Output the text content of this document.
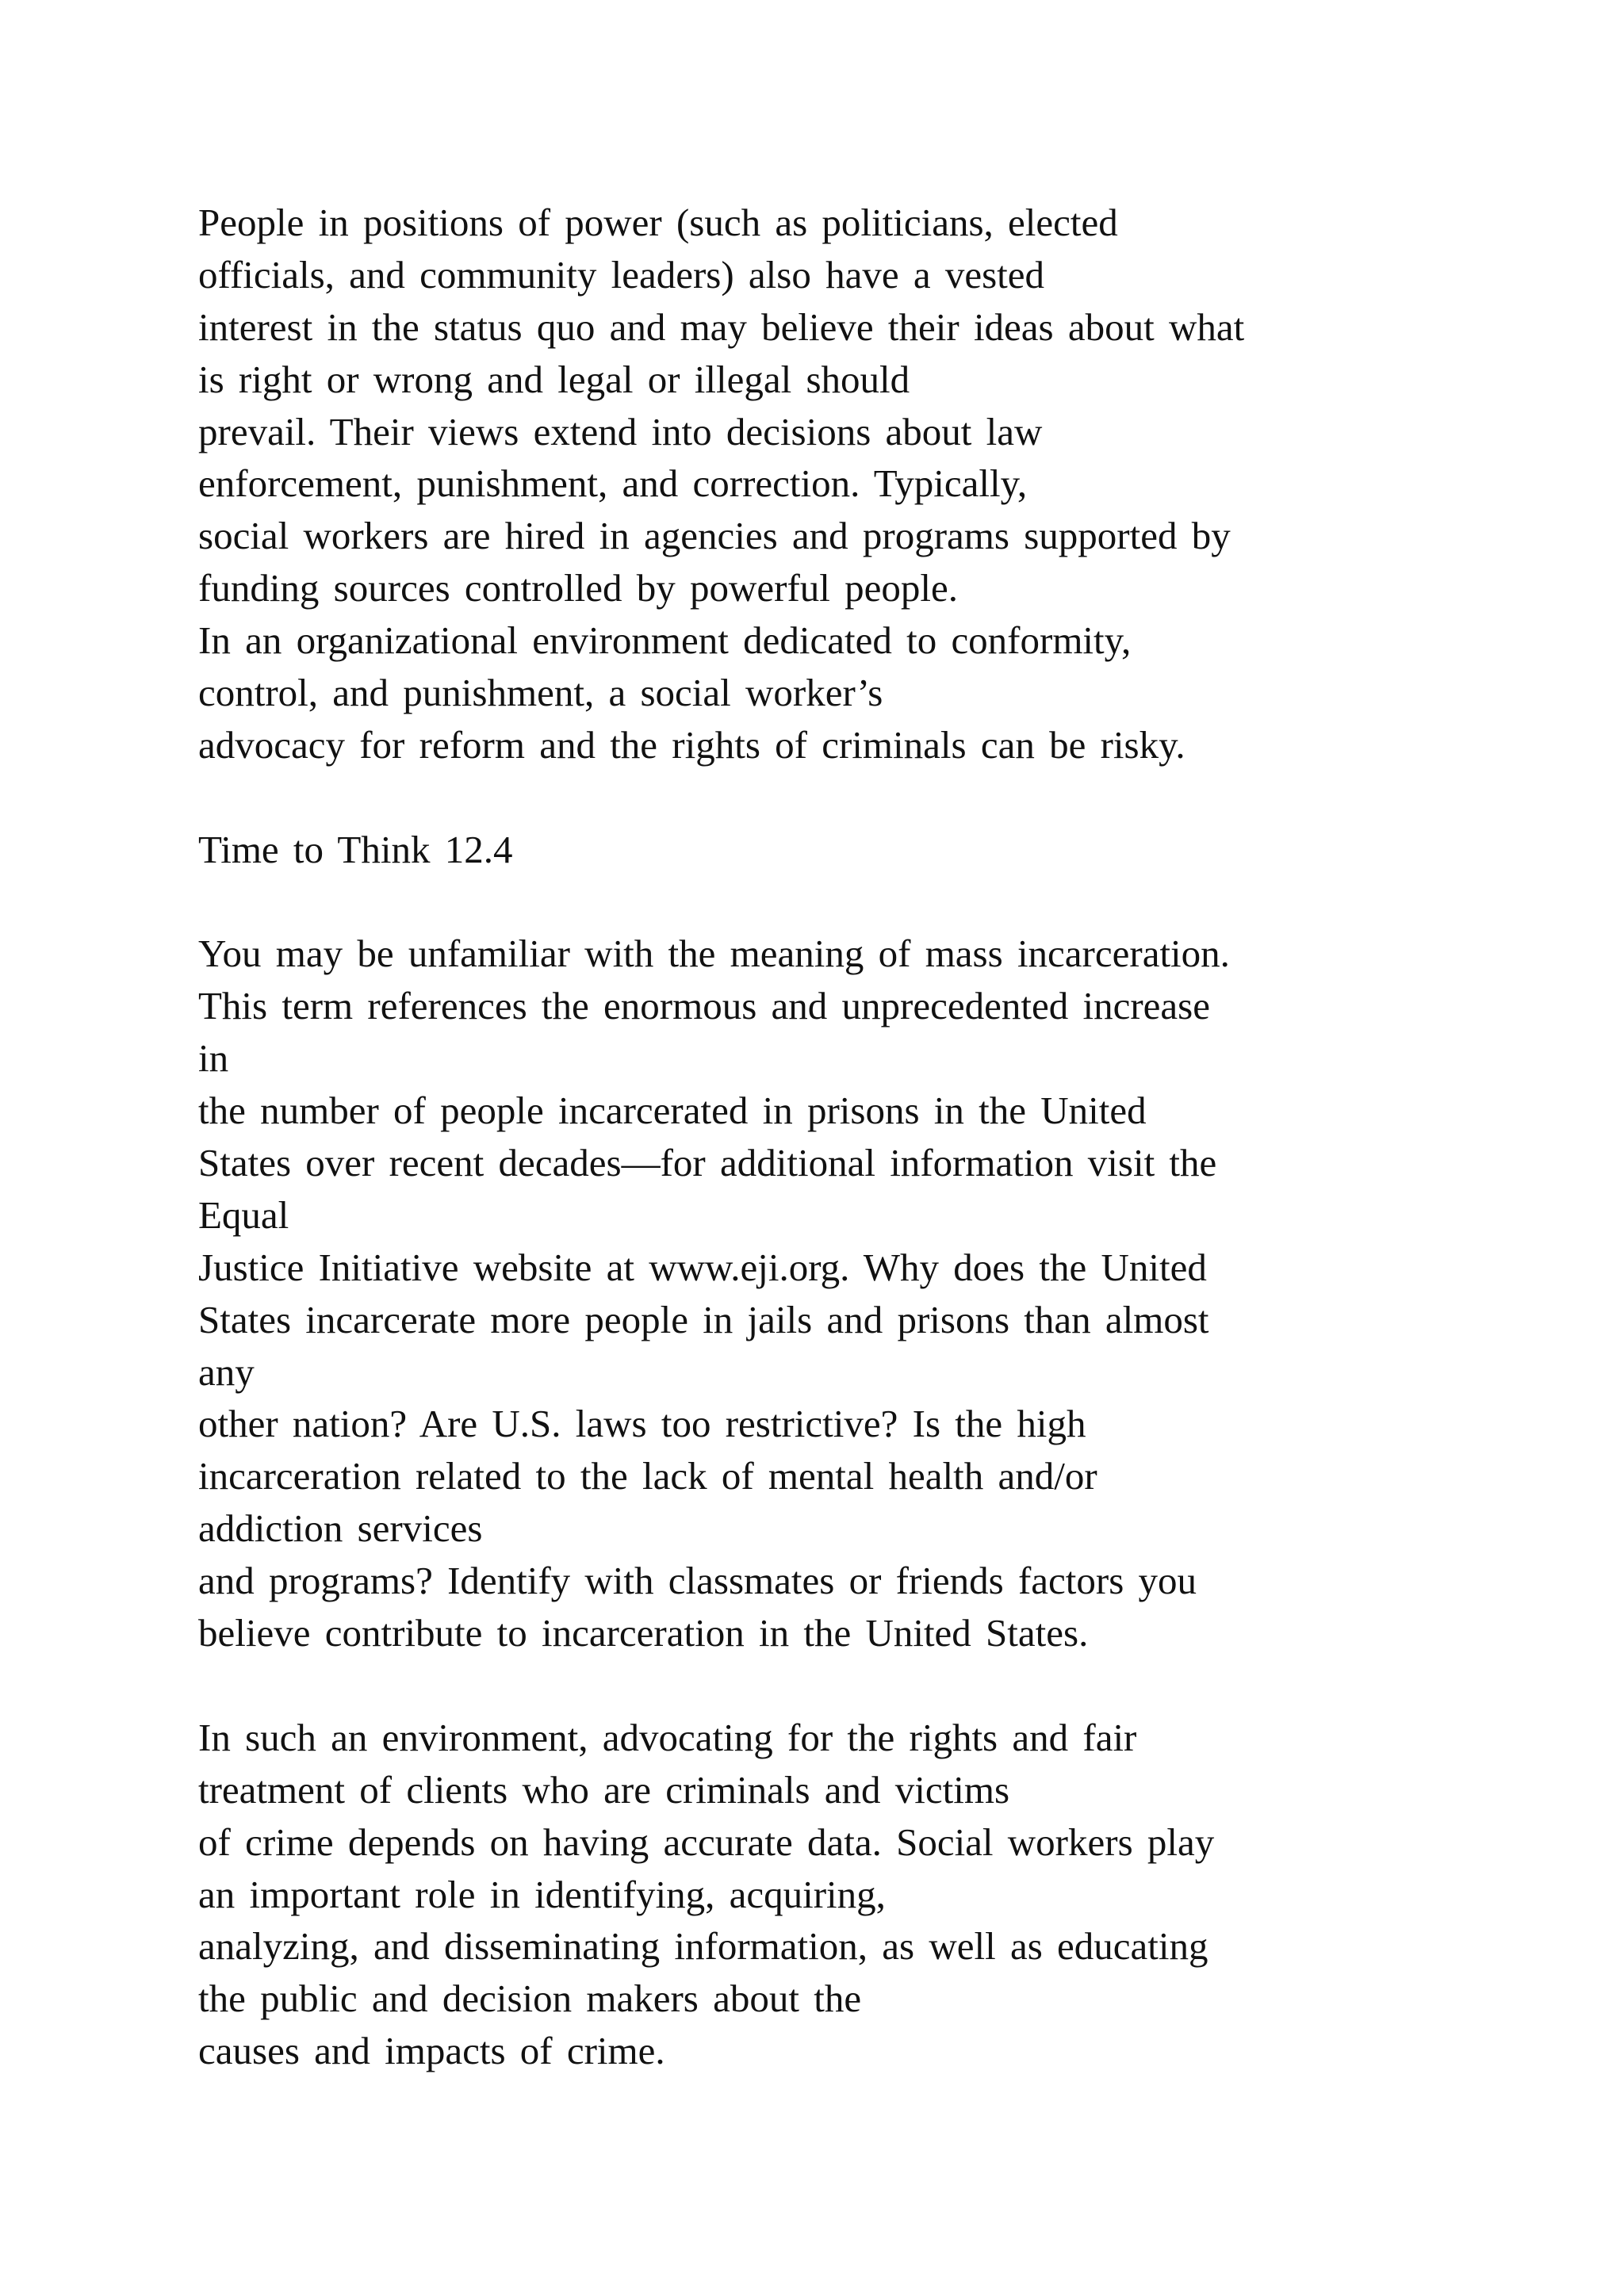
People in positions of power (such as politicians, elected
officials, and community leaders) also have a vested
interest in the status quo and may believe their ideas about what
is right or wrong and legal or illegal should
prevail. Their views extend into decisions about law
enforcement, punishment, and correction. Typically,
social workers are hired in agencies and programs supported by
funding sources controlled by powerful people.
In an organizational environment dedicated to conformity,
control, and punishment, a social worker’s
advocacy for reform and the rights of criminals can be risky.
Time to Think 12.4
You may be unfamiliar with the meaning of mass incarceration.
This term references the enormous and unprecedented increase
in
the number of people incarcerated in prisons in the United
States over recent decades—for additional information visit the
Equal
Justice Initiative website at www.eji.org. Why does the United
States incarcerate more people in jails and prisons than almost
any
other nation? Are U.S. laws too restrictive? Is the high
incarceration related to the lack of mental health and/or
addiction services
and programs? Identify with classmates or friends factors you
believe contribute to incarceration in the United States.
In such an environment, advocating for the rights and fair
treatment of clients who are criminals and victims
of crime depends on having accurate data. Social workers play
an important role in identifying, acquiring,
analyzing, and disseminating information, as well as educating
the public and decision makers about the
causes and impacts of crime.
